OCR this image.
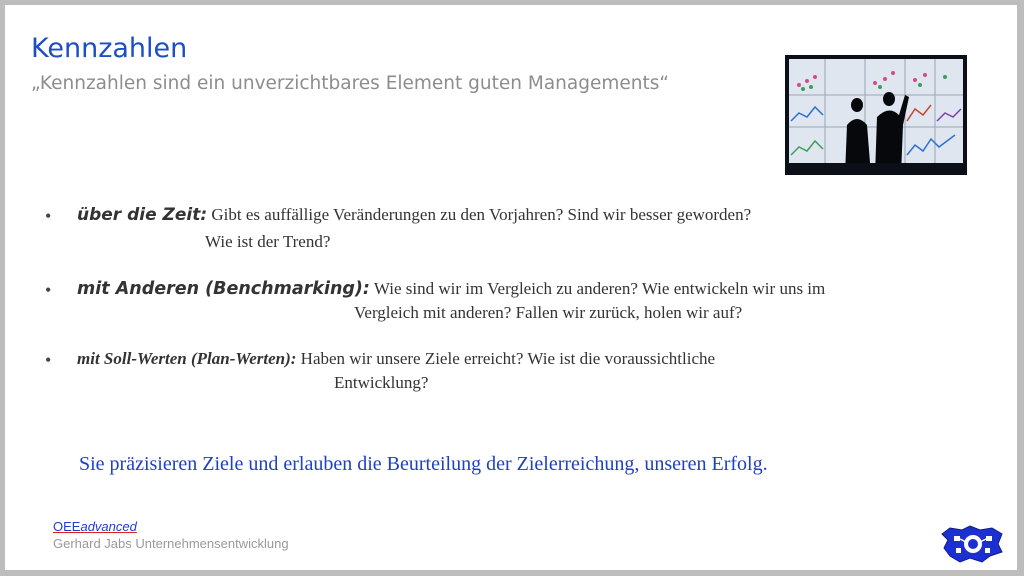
Kennzahlen
„Kennzahlen sind ein unverzichtbares Element guten Managements“
• über die Zeit: Gibt es auffällige Veränderungen zu den Vorjahren? Sind wir besser geworden?
Wie ist der Trend?
• mit Anderen (Benchmarking): Wie sind wir im Vergleich zu anderen? Wie entwickeln wir uns im
Vergleich mit anderen? Fallen wir zurück, holen wir auf?
• mit Soll-Werten (Plan-Werten): Haben wir unsere Ziele erreicht? Wie ist die voraussichtliche
Entwicklung?
Sie präzisieren Ziele und erlauben die Beurteilung der Zielerreichung, unseren Erfolg.
OEEadvanced
Gerhard Jabs Unternehmensentwicklung
